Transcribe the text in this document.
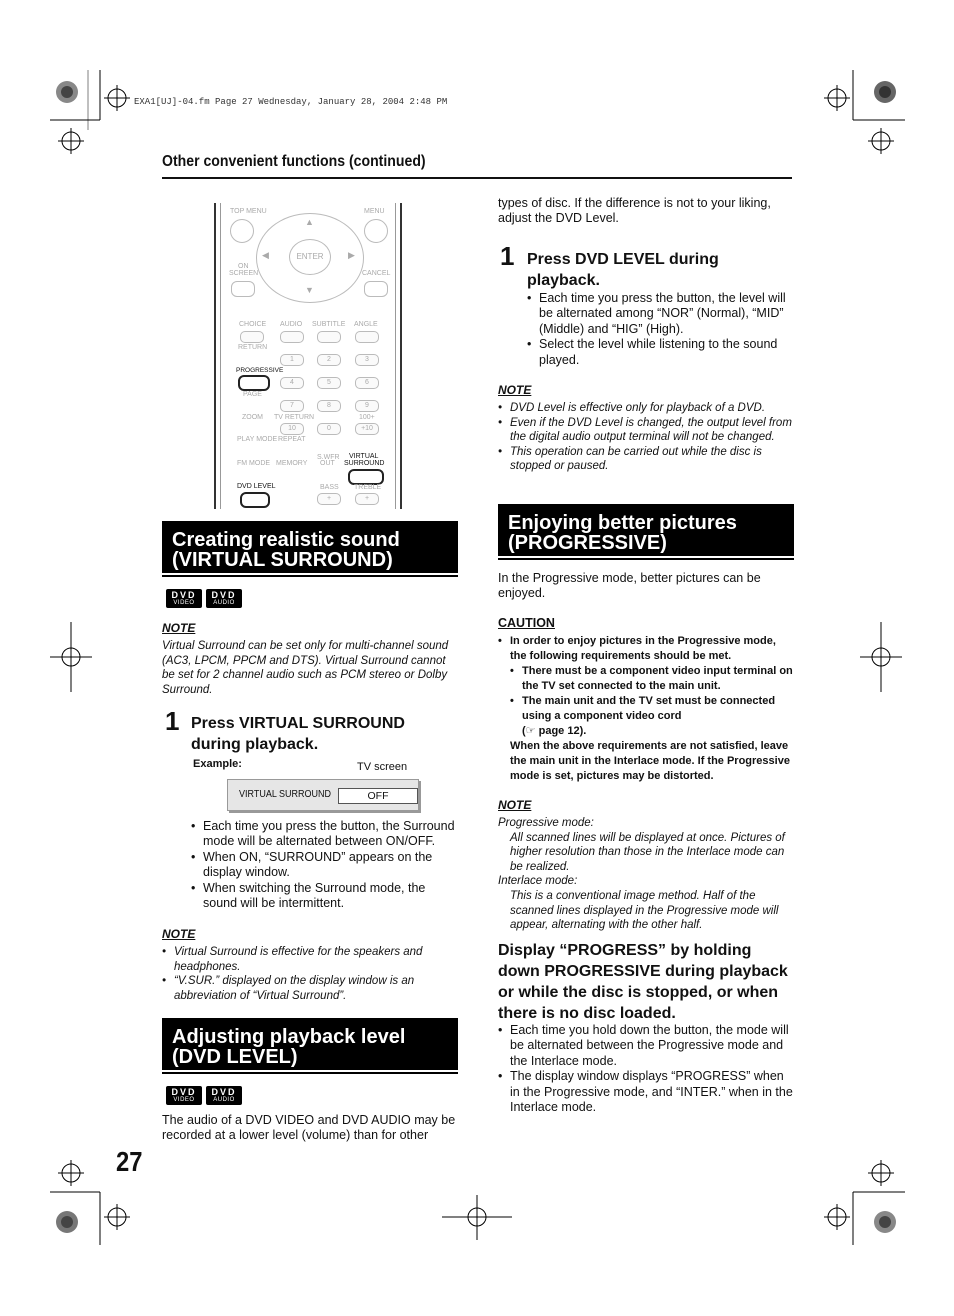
EXA1[UJ]-04.fm Page 27 Wednesday, January 28, 2004 2:48 PM
Other convenient functions (continued)
TOP MENU	MENU
ENTER
▲
▼
◀	▶
ON
SCREEN	CANCEL
CHOICE AUDIO SUBTITLE ANGLE
RETURN
1	2	3
PROGRESSIVE
4	5	6
PAGE
7	8	9
ZOOM TV RETURN	100+
10	0	+10
PLAY MODE REPEAT
VIRTUAL
S.WFR
FM MODE MEMORY OUT SURROUND
DVD LEVEL	BASS TREBLE
+	+
Creating realistic sound
(VIRTUAL SURROUND)
DVD
VIDEO
DVD
AUDIO
NOTE
Virtual Surround can be set only for multi-channel sound (AC3, LPCM, PPCM and DTS). Virtual Surround cannot be set for 2 channel audio such as PCM stereo or Dolby Surround.
1 Press VIRTUAL SURROUND during playback.
Example:	TV screen
VIRTUAL SURROUND	OFF
• Each time you press the button, the Surround mode will be alternated between ON/OFF.
• When ON, “SURROUND” appears on the display window.
• When switching the Surround mode, the sound will be intermittent.
NOTE
• Virtual Surround is effective for the speakers and headphones.
• “V.SUR.” displayed on the display window is an abbreviation of “Virtual Surround”.
Adjusting playback level
(DVD LEVEL)
DVD
VIDEO
DVD
AUDIO
The audio of a DVD VIDEO and DVD AUDIO may be recorded at a lower level (volume) than for other
27
types of disc. If the difference is not to your liking, adjust the DVD Level.
1 Press DVD LEVEL during playback.
• Each time you press the button, the level will be alternated among “NOR” (Normal), “MID” (Middle) and “HIG” (High).
• Select the level while listening to the sound played.
NOTE
• DVD Level is effective only for playback of a DVD.
• Even if the DVD Level is changed, the output level from the digital audio output terminal will not be changed.
• This operation can be carried out while the disc is stopped or paused.
Enjoying better pictures
(PROGRESSIVE)
In the Progressive mode, better pictures can be enjoyed.
CAUTION
• In order to enjoy pictures in the Progressive mode, the following requirements should be met.
• There must be a component video input terminal on the TV set connected to the main unit.
• The main unit and the TV set must be connected using a component video cord
(☞ page 12).
When the above requirements are not satisfied, leave the main unit in the Interlace mode. If the Progressive mode is set, pictures may be distorted.
NOTE
Progressive mode:
All scanned lines will be displayed at once. Pictures of higher resolution than those in the Interlace mode can be realized.
Interlace mode:
This is a conventional image method. Half of the scanned lines displayed in the Progressive mode will appear, alternating with the other half.
Display “PROGRESS” by holding down PROGRESSIVE during playback or while the disc is stopped, or when there is no disc loaded.
• Each time you hold down the button, the mode will be alternated between the Progressive mode and the Interlace mode.
• The display window displays “PROGRESS” when in the Progressive mode, and “INTER.” when in the Interlace mode.
